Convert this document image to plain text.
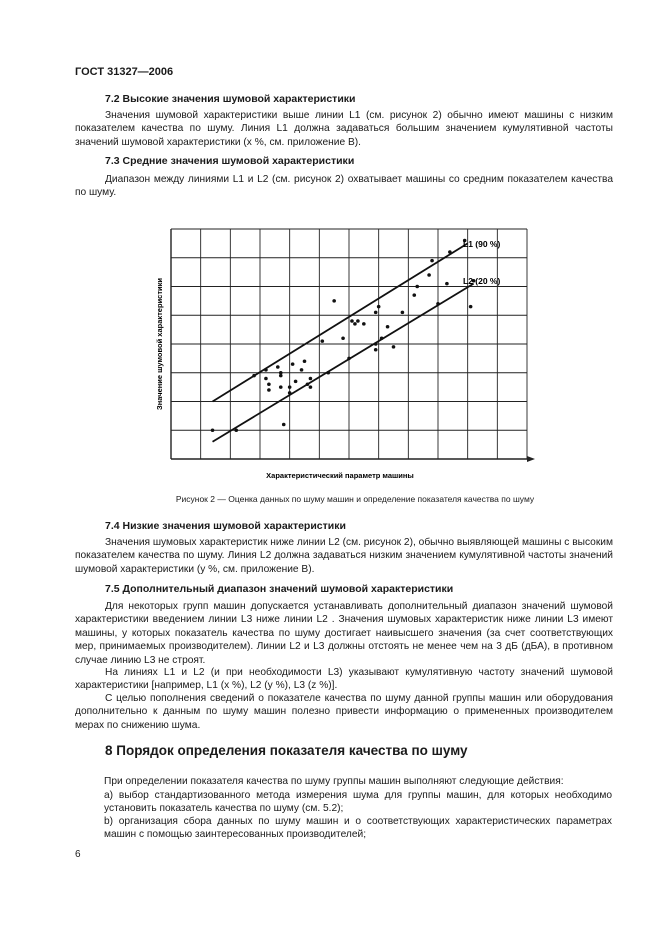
ГОСТ 31327—2006
7.2 Высокие значения шумовой характеристики
Значения шумовой характеристики выше линии L1 (см. рисунок 2) обычно имеют машины с низким показателем качества по шуму. Линия L1 должна задаваться большим значением кумулятивной частоты значений шумовой характеристики (x %, см. приложение В).
7.3 Средние значения шумовой характеристики
Диапазон между линиями L1 и L2 (см. рисунок 2) охватывает машины со средним показателем качества по шуму.
L1 (90 %)
L2 (20 %)
Характеристический параметр машины
Значение шумовой характеристики
Рисунок 2 — Оценка данных по шуму машин и определение показателя качества по шуму
7.4 Низкие значения шумовой характеристики
Значения шумовых характеристик ниже линии L2 (см. рисунок 2), обычно выявляющей машины с высоким показателем качества по шуму. Линия L2 должна задаваться низким значением кумулятивной частоты значений шумовой характеристики (y %, см. приложение В).
7.5 Дополнительный диапазон значений шумовой характеристики
Для некоторых групп машин допускается устанавливать дополнительный диапазон значений шумовой характеристики введением линии L3 ниже линии L2 . Значения шумовых характеристик ниже линии L3 имеют машины, у которых показатель качества по шуму достигает наивысшего значения (за счет соответствующих мер, принимаемых производителем). Линии L2 и L3 должны отстоять не менее чем на 3 дБ (дБА), в противном случае линию L3 не строят.
На линиях L1 и L2 (и при необходимости L3) указывают кумулятивную частоту значений шумовой характеристики [например, L1 (x %), L2 (y %), L3 (z %)].
С целью пополнения сведений о показателе качества по шуму данной группы машин или оборудования дополнительно к данным по шуму машин полезно привести информацию о примененных производителем мерах по снижению шума.
8 Порядок определения показателя качества по шуму
При определении показателя качества по шуму группы машин выполняют следующие действия:
а) выбор стандартизованного метода измерения шума для группы машин, для которых необходимо установить показатель качества по шуму (см. 5.2);
b) организация сбора данных по шуму машин и о соответствующих характеристических параметрах машин с помощью заинтересованных производителей;
6
